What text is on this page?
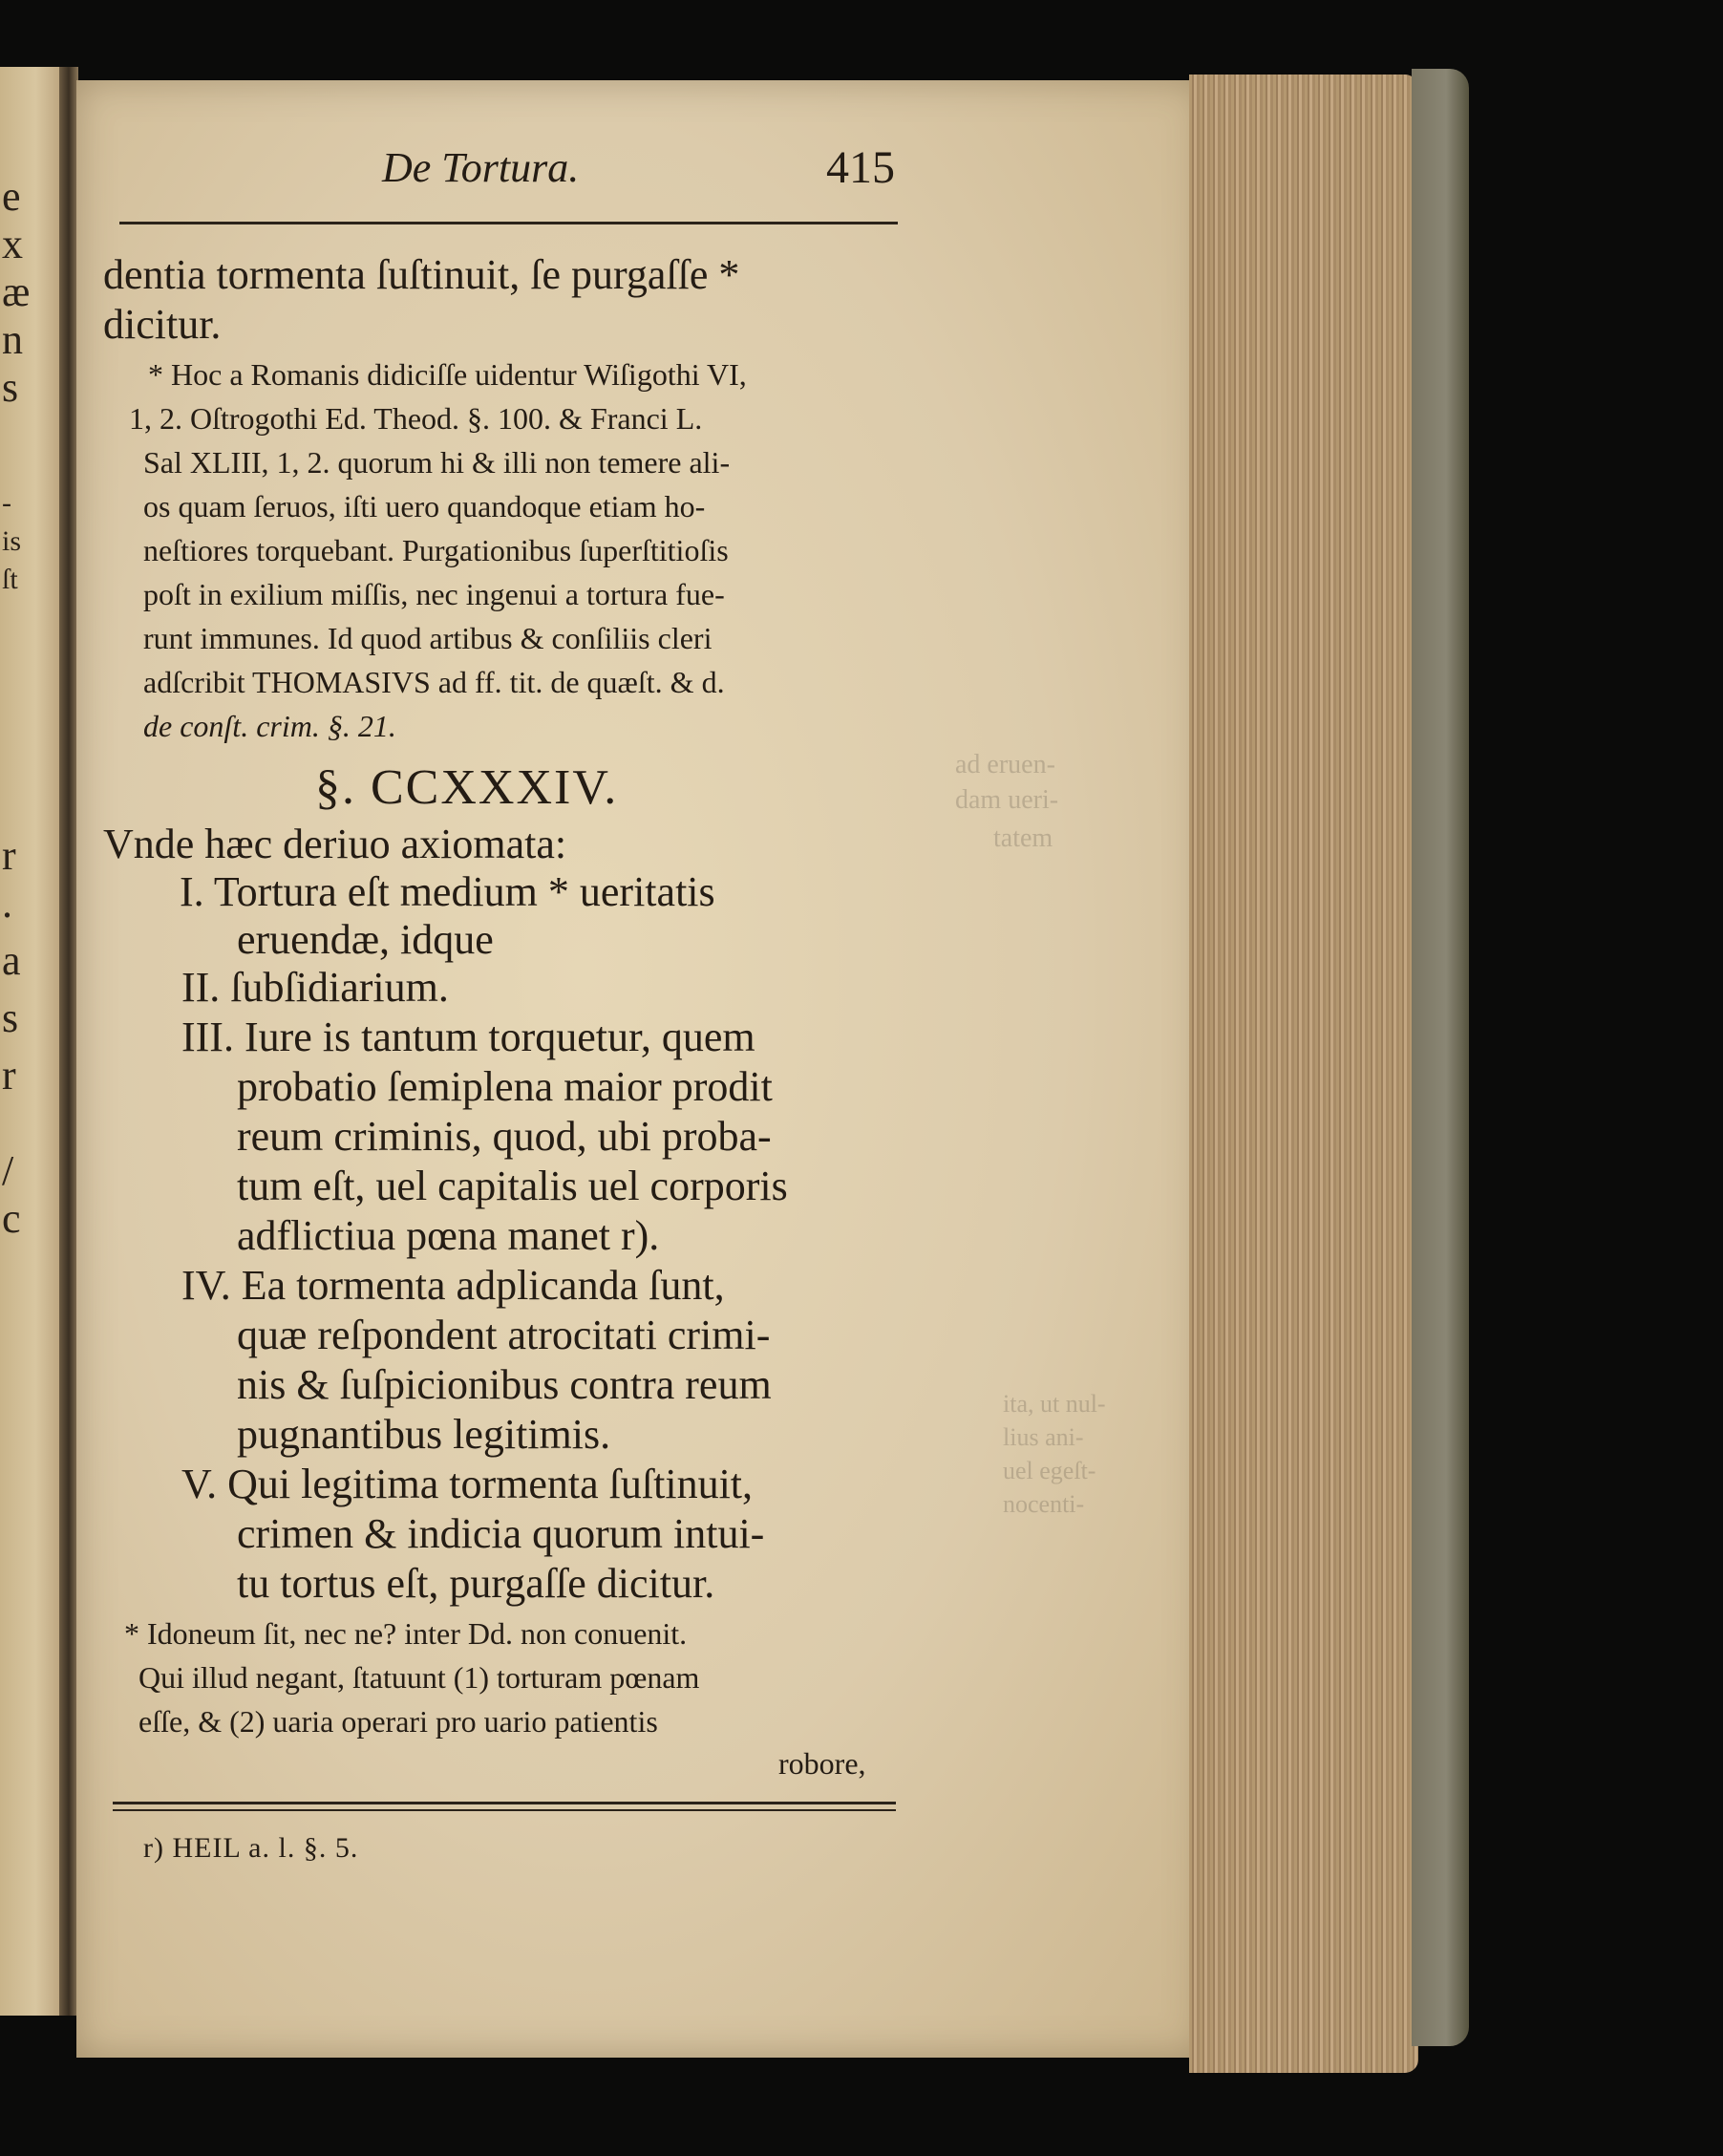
e
x
æ
n
s
-
is
ſt
r
.
a
s
r
/
c
ad eruen-
dam ueri-
tatem
ita, ut nul-
lius ani-
uel egeſt-
nocenti-
De Tortura.	415
dentia tormenta ſuſtinuit, ſe purgaſſe *
dicitur.
* Hoc a Romanis didiciſſe uidentur Wiſigothi VI,
1, 2. Oſtrogothi Ed. Theod. §. 100. & Franci L.
Sal XLIII, 1, 2. quorum hi & illi non temere ali-
os quam ſeruos, iſti uero quandoque etiam ho-
neſtiores torquebant. Purgationibus ſuperſtitioſis
poſt in exilium miſſis, nec ingenui a tortura fue-
runt immunes. Id quod artibus & conſiliis cleri
adſcribit THOMASIVS ad ff. tit. de quæſt. & d.
de conſt. crim. §. 21.
§. CCXXXIV.
Vnde hæc deriuo axiomata:
I. Tortura eſt medium * ueritatis
eruendæ, idque
II. ſubſidiarium.
III. Iure is tantum torquetur, quem
probatio ſemiplena maior prodit
reum criminis, quod, ubi proba-
tum eſt, uel capitalis uel corporis
adflictiua pœna manet r).
IV. Ea tormenta adplicanda ſunt,
quæ reſpondent atrocitati crimi-
nis & ſuſpicionibus contra reum
pugnantibus legitimis.
V. Qui legitima tormenta ſuſtinuit,
crimen & indicia quorum intui-
tu tortus eſt, purgaſſe dicitur.
* Idoneum ſit, nec ne? inter Dd. non conuenit.
Qui illud negant, ſtatuunt (1) torturam pœnam
eſſe, & (2) uaria operari pro uario patientis
robore,
r) HEIL a. l. §. 5.
